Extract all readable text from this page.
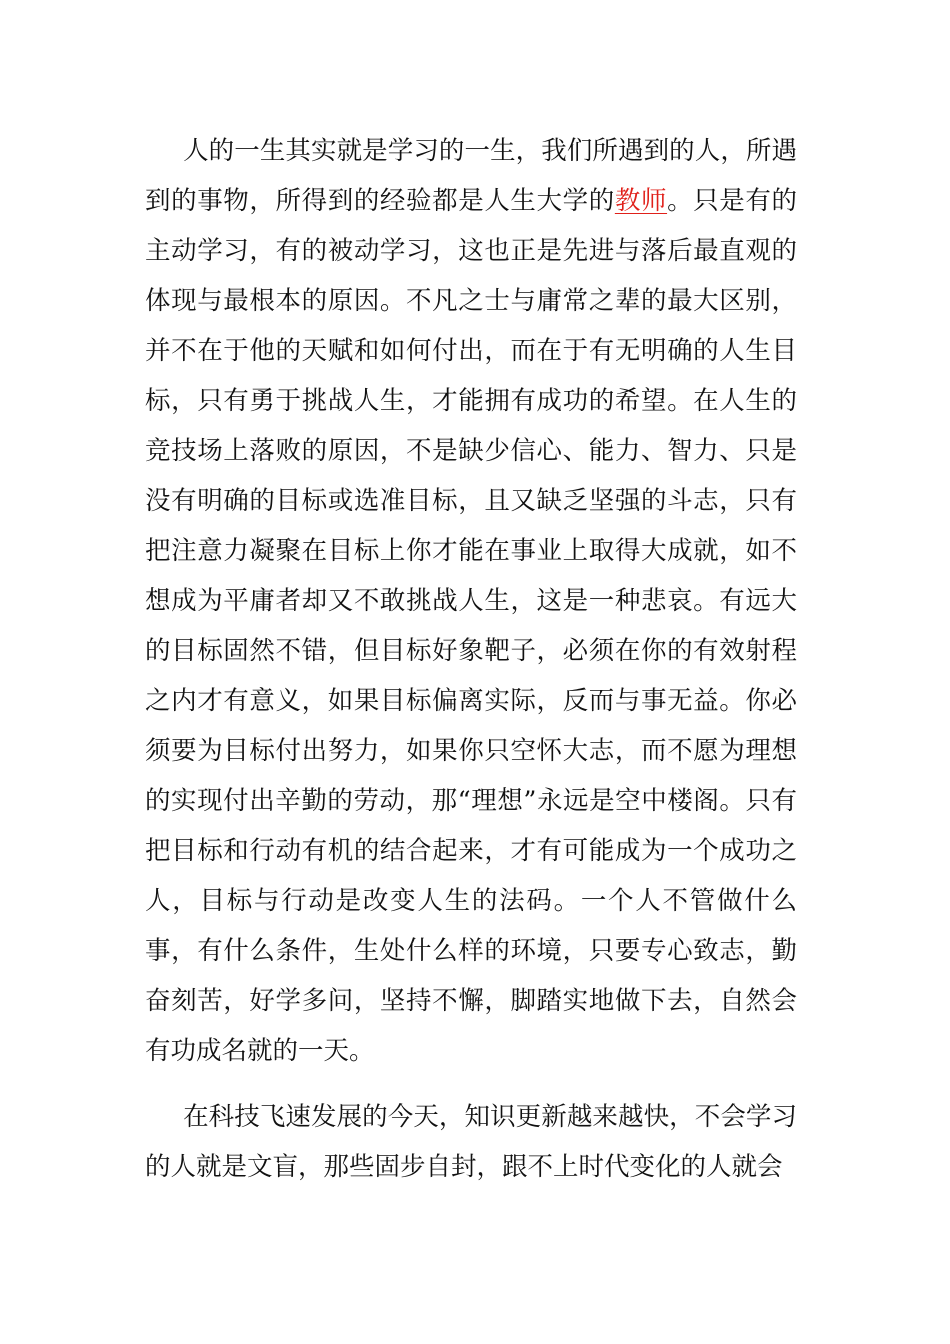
人的一生其实就是学习的一生，我们所遇到的人，所遇到的事物，所得到的经验都是人生大学的教师。只是有的主动学习，有的被动学习，这也正是先进与落后最直观的体现与最根本的原因。不凡之士与庸常之辈的最大区别，并不在于他的天赋和如何付出，而在于有无明确的人生目标，只有勇于挑战人生，才能拥有成功的希望。在人生的竞技场上落败的原因，不是缺少信心、能力、智力、只是没有明确的目标或选准目标，且又缺乏坚强的斗志，只有把注意力凝聚在目标上你才能在事业上取得大成就，如不想成为平庸者却又不敢挑战人生，这是一种悲哀。有远大的目标固然不错，但目标好象靶子，必须在你的有效射程之内才有意义，如果目标偏离实际，反而与事无益。你必须要为目标付出努力，如果你只空怀大志，而不愿为理想的实现付出辛勤的劳动，那“理想”永远是空中楼阁。只有把目标和行动有机的结合起来，才有可能成为一个成功之人，目标与行动是改变人生的法码。一个人不管做什么事，有什么条件，生处什么样的环境，只要专心致志，勤奋刻苦，好学多问，坚持不懈，脚踏实地做下去，自然会有功成名就的一天。

在科技飞速发展的今天，知识更新越来越快，不会学习的人就是文盲，那些固步自封，跟不上时代变化的人就会
